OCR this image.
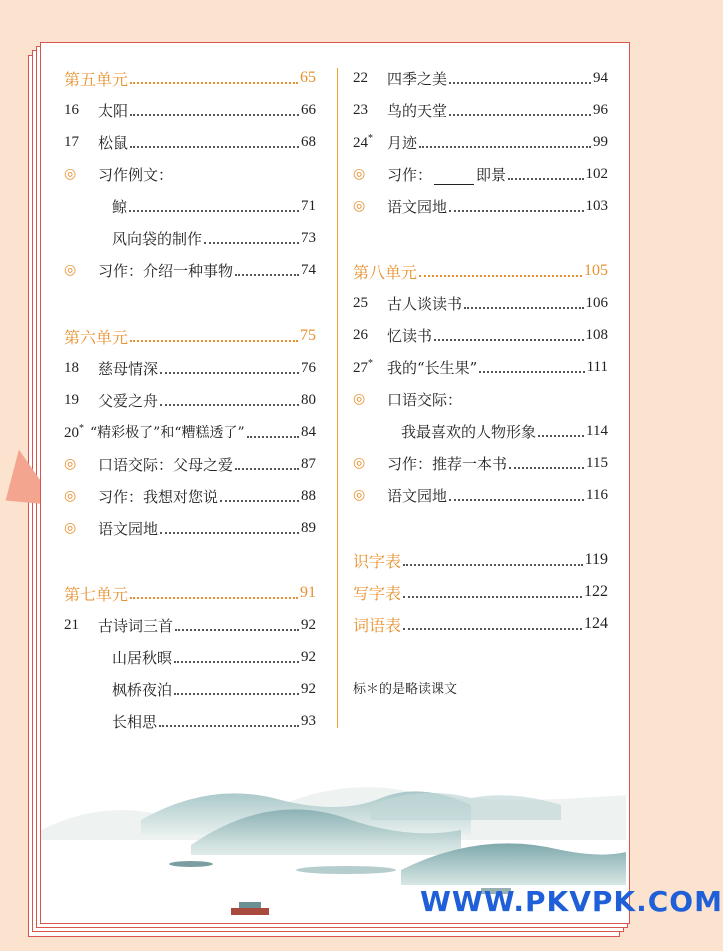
第五单元	65
16	太阳	66
17	松鼠	68
◎	习作例文：
鲸	71
风向袋的制作	73
◎	习作：介绍一种事物	74
第六单元	75
18	慈母情深	76
19	父爱之舟	80
20* “精彩极了”和“糟糕透了”	84
◎	口语交际：父母之爱	87
◎	习作：我想对您说	88
◎	语文园地	89
第七单元	91
21	古诗词三首	92
山居秋暝	92
枫桥夜泊	92
长相思	93
22	四季之美	94
23	鸟的天堂	96
24* 月迹	99
◎	习作：	即景	102
◎	语文园地	103
第八单元	105
25	古人谈读书	106
26	忆读书	108
27* 我的“长生果”	111
◎	口语交际：
我最喜欢的人物形象	114
◎	习作：推荐一本书	115
◎	语文园地	116
识字表	119
写字表	122
词语表	124
标＊的是略读课文
WWW.PKVPK.COM
